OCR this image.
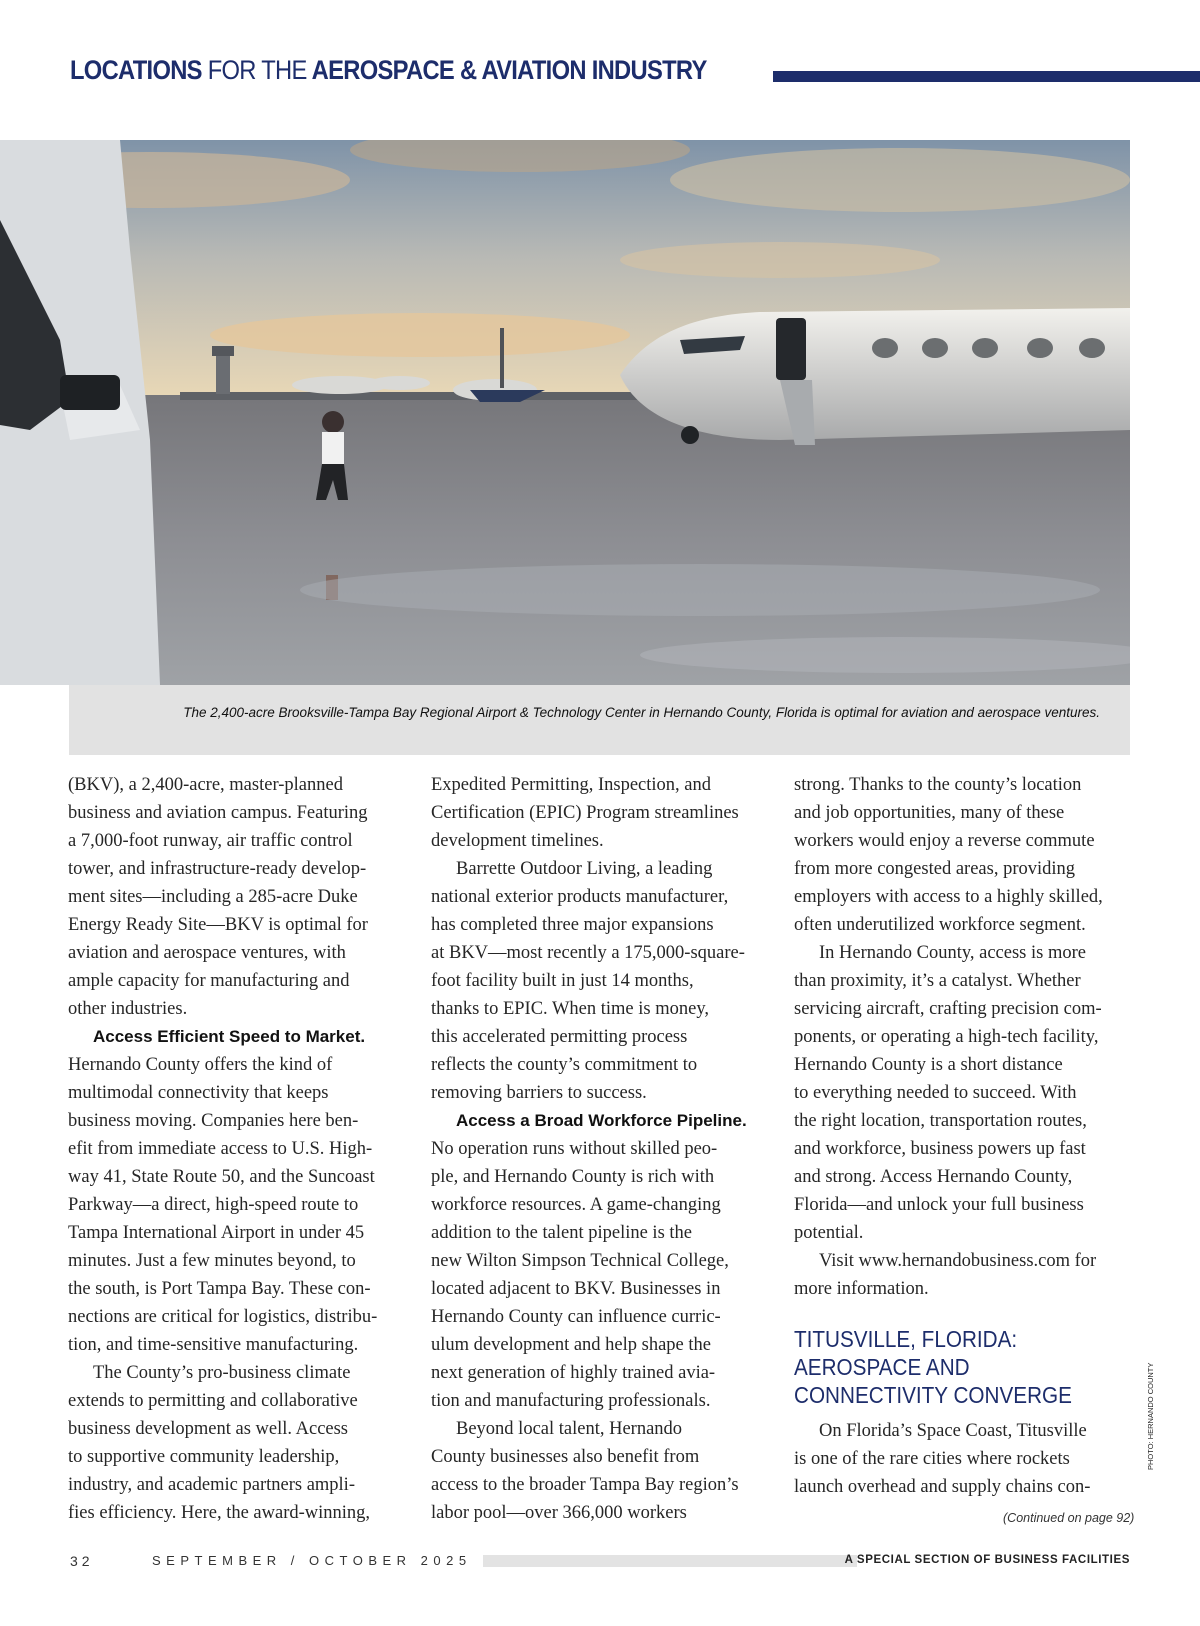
LOCATIONS FOR THE AEROSPACE & AVIATION INDUSTRY
The 2,400-acre Brooksville-Tampa Bay Regional Airport & Technology Center in Hernando County, Florida is optimal for aviation and aerospace ventures.
(BKV), a 2,400-acre, master-planned
business and aviation campus. Featuring
a 7,000-foot runway, air traffic control
tower, and infrastructure-ready develop-
ment sites—including a 285-acre Duke
Energy Ready Site—BKV is optimal for
aviation and aerospace ventures, with
ample capacity for manufacturing and
other industries.
Access Efficient Speed to Market.
Hernando County offers the kind of
multimodal connectivity that keeps
business moving. Companies here ben-
efit from immediate access to U.S. High-
way 41, State Route 50, and the Suncoast
Parkway—a direct, high-speed route to
Tampa International Airport in under 45
minutes. Just a few minutes beyond, to
the south, is Port Tampa Bay. These con-
nections are critical for logistics, distribu-
tion, and time-sensitive manufacturing.
The County’s pro-business climate
extends to permitting and collaborative
business development as well. Access
to supportive community leadership,
industry, and academic partners ampli-
fies efficiency. Here, the award-winning,
Expedited Permitting, Inspection, and
Certification (EPIC) Program streamlines
development timelines.
Barrette Outdoor Living, a leading
national exterior products manufacturer,
has completed three major expansions
at BKV—most recently a 175,000-square-
foot facility built in just 14 months,
thanks to EPIC. When time is money,
this accelerated permitting process
reflects the county’s commitment to
removing barriers to success.
Access a Broad Workforce Pipeline.
No operation runs without skilled peo-
ple, and Hernando County is rich with
workforce resources. A game-changing
addition to the talent pipeline is the
new Wilton Simpson Technical College,
located adjacent to BKV. Businesses in
Hernando County can influence curric-
ulum development and help shape the
next generation of highly trained avia-
tion and manufacturing professionals.
Beyond local talent, Hernando
County businesses also benefit from
access to the broader Tampa Bay region’s
labor pool—over 366,000 workers
strong. Thanks to the county’s location
and job opportunities, many of these
workers would enjoy a reverse commute
from more congested areas, providing
employers with access to a highly skilled,
often underutilized workforce segment.
In Hernando County, access is more
than proximity, it’s a catalyst. Whether
servicing aircraft, crafting precision com-
ponents, or operating a high-tech facility,
Hernando County is a short distance
to everything needed to succeed. With
the right location, transportation routes,
and workforce, business powers up fast
and strong. Access Hernando County,
Florida—and unlock your full business
potential.
Visit www.hernandobusiness.com for
more information.
TITUSVILLE, FLORIDA:
AEROSPACE AND
CONNECTIVITY CONVERGE
On Florida’s Space Coast, Titusville
is one of the rare cities where rockets
launch overhead and supply chains con-
(Continued on page 92)
PHOTO: HERNANDO COUNTY
32	SEPTEMBER / OCTOBER 2025	A SPECIAL SECTION OF BUSINESS FACILITIES
